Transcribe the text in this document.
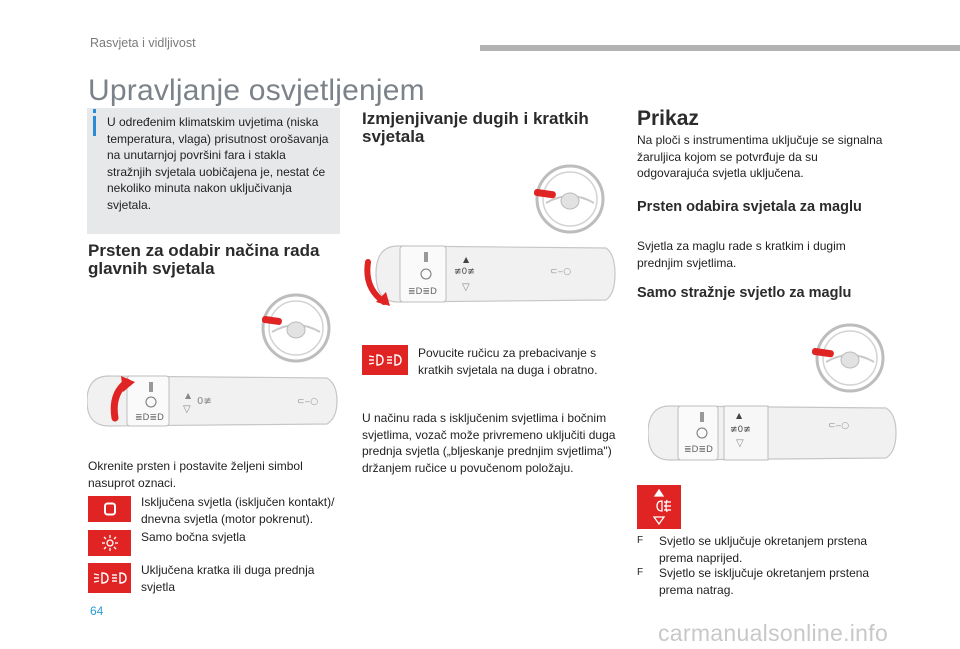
Rasvjeta i vidljivost
Upravljanje osvjetljenjem

U određenim klimatskim uvjetima (niska temperatura, vlaga) prisutnost orošavanja na unutarnjoj površini fara i stakla stražnjih svjetala uobičajena je, nestat će nekoliko minuta nakon uključivanja svjetala.

Prsten za odabir načina rada glavnih svjetala
≣D≣D
▲
▽
0≢	⊂‒○

Okrenite prsten i postavite željeni simbol nasuprot oznaci.

Isključena svjetla (isključen kontakt)/ dnevna svjetla (motor pokrenut).

Samo bočna svjetla

Uključena kratka ili duga prednja svjetla

Izmjenjivanje dugih i kratkih svjetala
≣D≣D
▲
≢0≢
▽
⊂‒○

Povucite ručicu za prebacivanje s kratkih svjetala na duga i obratno.

U načinu rada s isključenim svjetlima i bočnim svjetlima, vozač može privremeno uključiti duga prednja svjetla („bljeskanje prednjim svjetlima") držanjem ručice u povučenom položaju.

Prikaz

Na ploči s instrumentima uključuje se signalna žaruljica kojom se potvrđuje da su odgovarajuća svjetla uključena.

Prsten odabira svjetala za maglu

Svjetla za maglu rade s kratkim i dugim prednjim svjetlima.

Samo stražnje svjetlo za maglu
≣D≣D
▲
≢0≢
▽
⊂‒○
F	Svjetlo se uključuje okretanjem prstena prema naprijed.
F	Svjetlo se isključuje okretanjem prstena prema natrag.
64
carmanualsonline.info
